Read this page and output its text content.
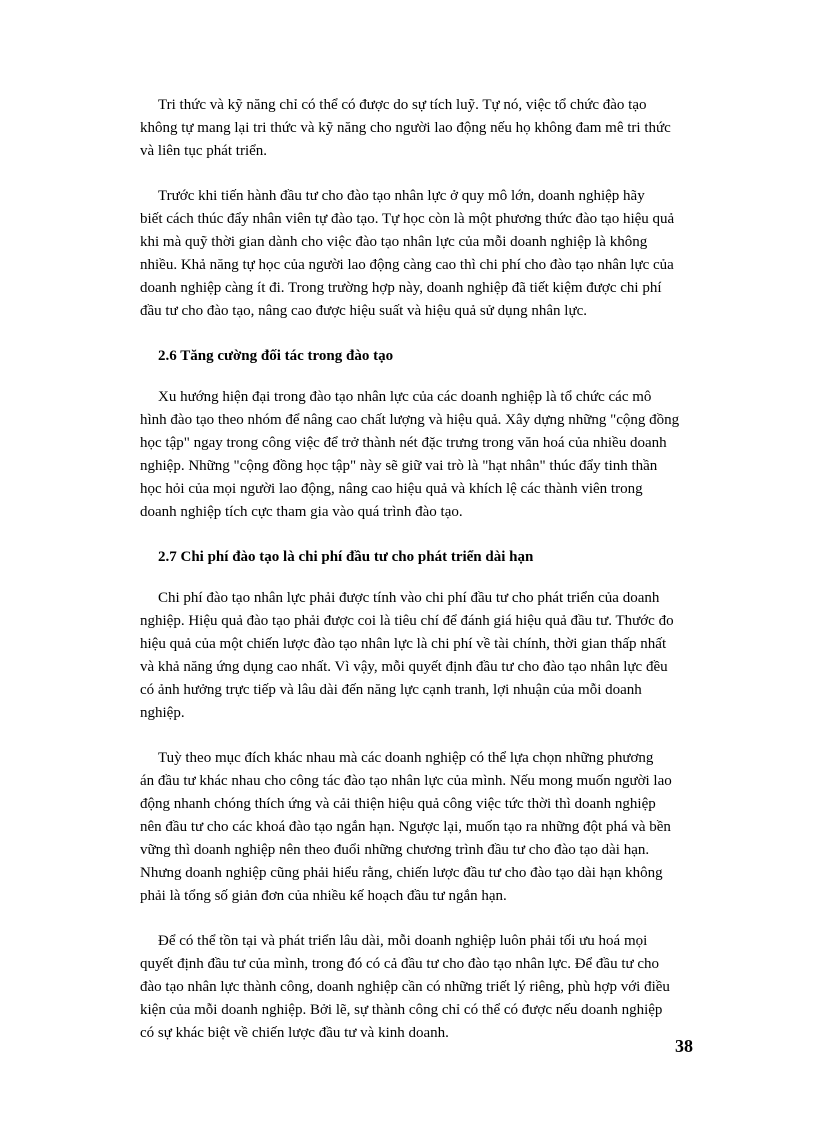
Tri thức và kỹ năng chỉ có thể có được do sự tích luỹ. Tự nó, việc tổ chức đào tạo
không tự mang lại tri thức và kỹ năng cho người lao động nếu họ không đam mê tri thức
và liên tục phát triển.

Trước khi tiến hành đầu tư cho đào tạo nhân lực ở quy mô lớn, doanh nghiệp hãy
biết cách thúc đẩy nhân viên tự đào tạo. Tự học còn là một phương thức đào tạo hiệu quả
khi mà quỹ thời gian dành cho việc đào tạo nhân lực của mỗi doanh nghiệp là không
nhiều. Khả năng tự học của người lao động càng cao thì chi phí cho đào tạo nhân lực của
doanh nghiệp càng ít đi. Trong trường hợp này, doanh nghiệp đã tiết kiệm được chi phí
đầu tư cho đào tạo, nâng cao được hiệu suất và hiệu quả sử dụng nhân lực.

2.6 Tăng cường đối tác trong đào tạo

Xu hướng hiện đại trong đào tạo nhân lực của các doanh nghiệp là tổ chức các mô
hình đào tạo theo nhóm để nâng cao chất lượng và hiệu quả. Xây dựng những "cộng đồng
học tập" ngay trong công việc để trở thành nét đặc trưng trong văn hoá của nhiều doanh
nghiệp. Những "cộng đồng học tập" này sẽ giữ vai trò là "hạt nhân" thúc đẩy tinh thần
học hỏi của mọi người lao động, nâng cao hiệu quả và khích lệ các thành viên trong
doanh nghiệp tích cực tham gia vào quá trình đào tạo.

2.7 Chi phí đào tạo là chi phí đầu tư cho phát triển dài hạn

Chi phí đào tạo nhân lực phải được tính vào chi phí đầu tư cho phát triển của doanh
nghiệp. Hiệu quả đào tạo phải được coi là tiêu chí để đánh giá hiệu quả đầu tư. Thước đo
hiệu quả của một chiến lược đào tạo nhân lực là chi phí về tài chính, thời gian thấp nhất
và khả năng ứng dụng cao nhất. Vì vậy, mỗi quyết định đầu tư cho đào tạo nhân lực đều
có ảnh hưởng trực tiếp và lâu dài đến năng lực cạnh tranh, lợi nhuận của mỗi doanh
nghiệp.

Tuỳ theo mục đích khác nhau mà các doanh nghiệp có thể lựa chọn những phương
án đầu tư khác nhau cho công tác đào tạo nhân lực của mình. Nếu mong muốn người lao
động nhanh chóng thích ứng và cải thiện hiệu quả công việc tức thời thì doanh nghiệp
nên đầu tư cho các khoá đào tạo ngắn hạn. Ngược lại, muốn tạo ra những đột phá và bền
vững thì doanh nghiệp nên theo đuổi những chương trình đầu tư cho đào tạo dài hạn.
Nhưng doanh nghiệp cũng phải hiểu rằng, chiến lược đầu tư cho đào tạo dài hạn không
phải là tổng số giản đơn của nhiều kế hoạch đầu tư ngắn hạn.

Để có thể tồn tại và phát triển lâu dài, mỗi doanh nghiệp luôn phải tối ưu hoá mọi
quyết định đầu tư của mình, trong đó có cả đầu tư cho đào tạo nhân lực. Để đầu tư cho
đào tạo nhân lực thành công, doanh nghiệp cần có những triết lý riêng, phù hợp với điều
kiện của mỗi doanh nghiệp. Bởi lẽ, sự thành công chỉ có thể có được nếu doanh nghiệp
có sự khác biệt về chiến lược đầu tư và kinh doanh.

38
